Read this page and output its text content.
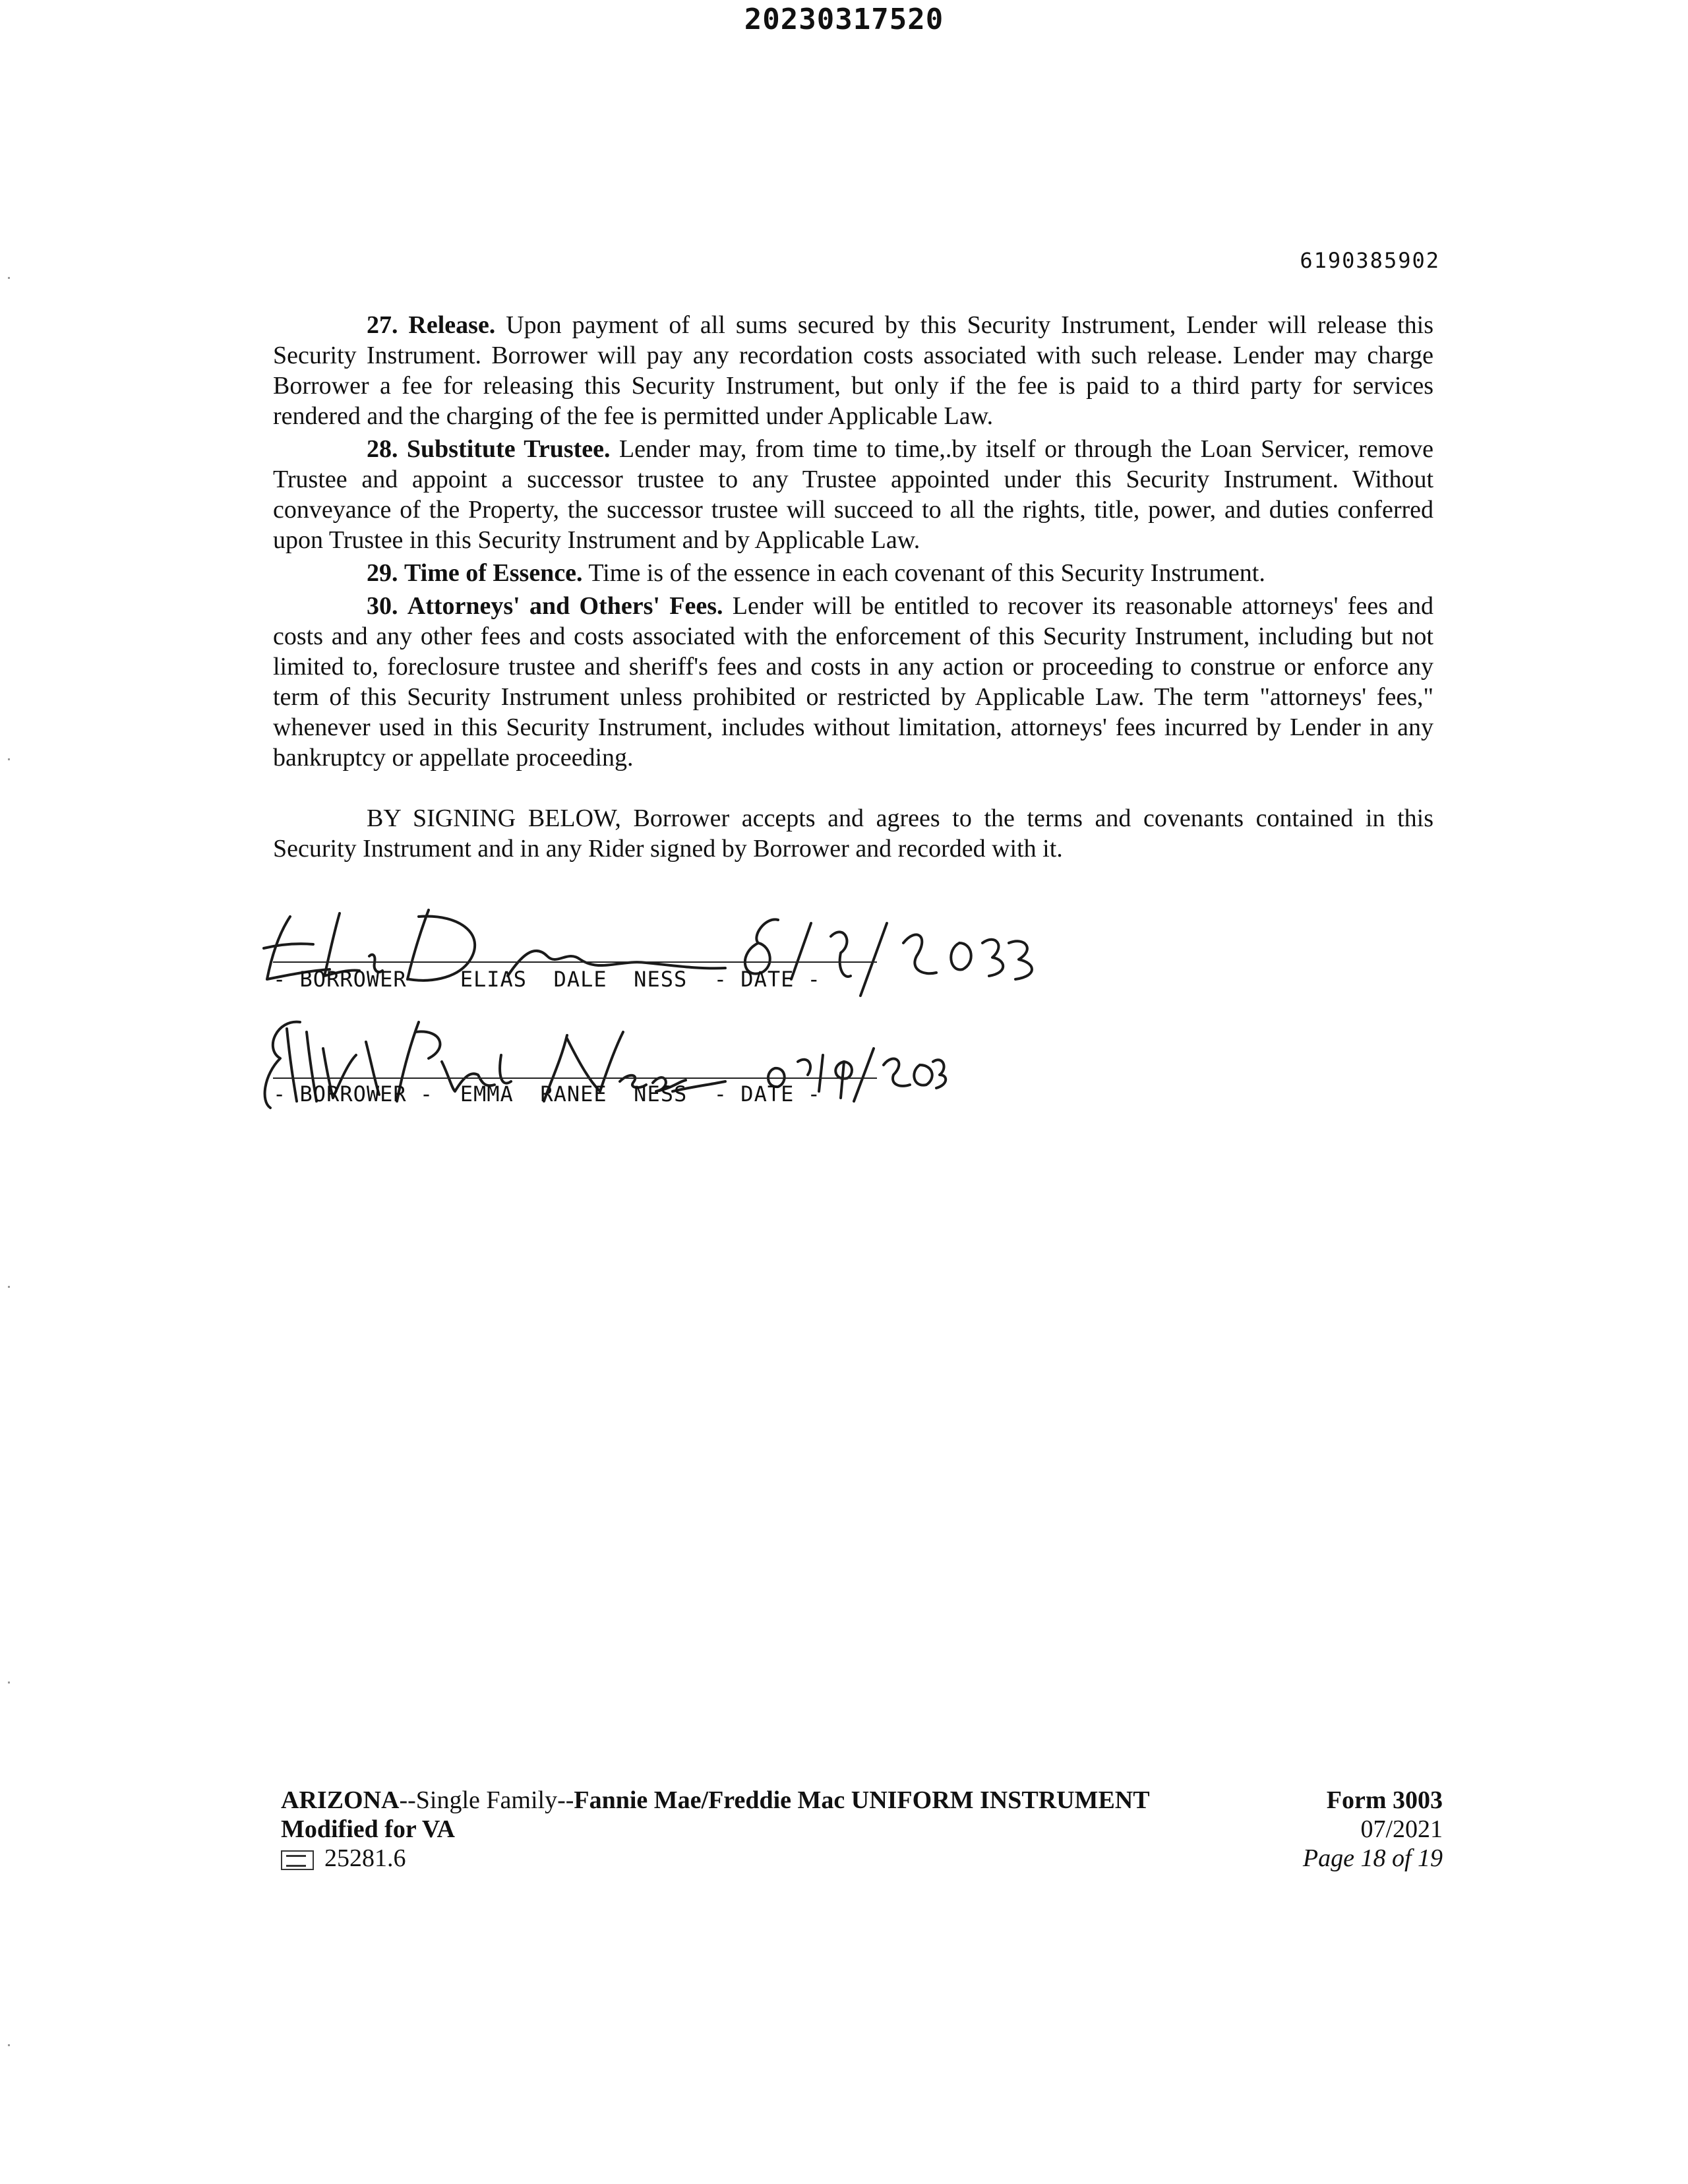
20230317520
6190385902

27. Release. Upon payment of all sums secured by this Security Instrument, Lender will release this Security Instrument. Borrower will pay any recordation costs associated with such release. Lender may charge Borrower a fee for releasing this Security Instrument, but only if the fee is paid to a third party for services rendered and the charging of the fee is permitted under Applicable Law.

28. Substitute Trustee. Lender may, from time to time,.by itself or through the Loan Servicer, remove Trustee and appoint a successor trustee to any Trustee appointed under this Security Instrument. Without conveyance of the Property, the successor trustee will succeed to all the rights, title, power, and duties conferred upon Trustee in this Security Instrument and by Applicable Law.

29. Time of Essence. Time is of the essence in each covenant of this Security Instrument.

30. Attorneys' and Others' Fees. Lender will be entitled to recover its reasonable attorneys' fees and costs and any other fees and costs associated with the enforcement of this Security Instrument, including but not limited to, foreclosure trustee and sheriff's fees and costs in any action or proceeding to construe or enforce any term of this Security Instrument unless prohibited or restricted by Applicable Law. The term "attorneys' fees," whenever used in this Security Instrument, includes without limitation, attorneys' fees incurred by Lender in any bankruptcy or appellate proceeding.

BY SIGNING BELOW, Borrower accepts and agrees to the terms and covenants contained in this Security Instrument and in any Rider signed by Borrower and recorded with it.

- BORROWER -  ELIAS  DALE  NESS  - DATE -
- BORROWER -  EMMA  RANEE  NESS  - DATE -
ARIZONA--Single Family--Fannie Mae/Freddie Mac UNIFORM INSTRUMENT
Modified for VA
25281.6
Form 3003
07/2021
Page 18 of 19
